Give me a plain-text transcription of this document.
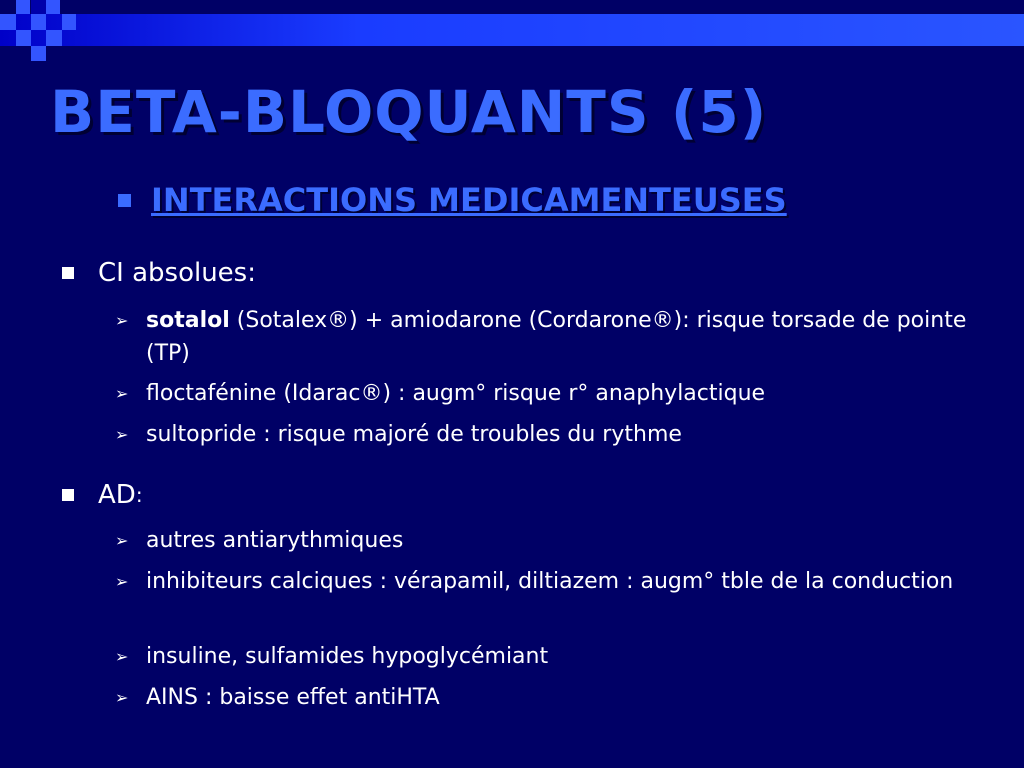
BETA-BLOQUANTS (5)
INTERACTIONS MEDICAMENTEUSES
CI absolues:
➢ sotalol (Sotalex®) + amiodarone (Cordarone®): risque torsade de pointe (TP)
➢ floctafénine (Idarac®) : augm° risque r° anaphylactique
➢ sultopride : risque majoré de troubles du rythme
AD :
➢ autres antiarythmiques
➢ inhibiteurs calciques : vérapamil, diltiazem : augm° tble de la conduction
➢ insuline, sulfamides hypoglycémiant
➢ AINS : baisse effet antiHTA
